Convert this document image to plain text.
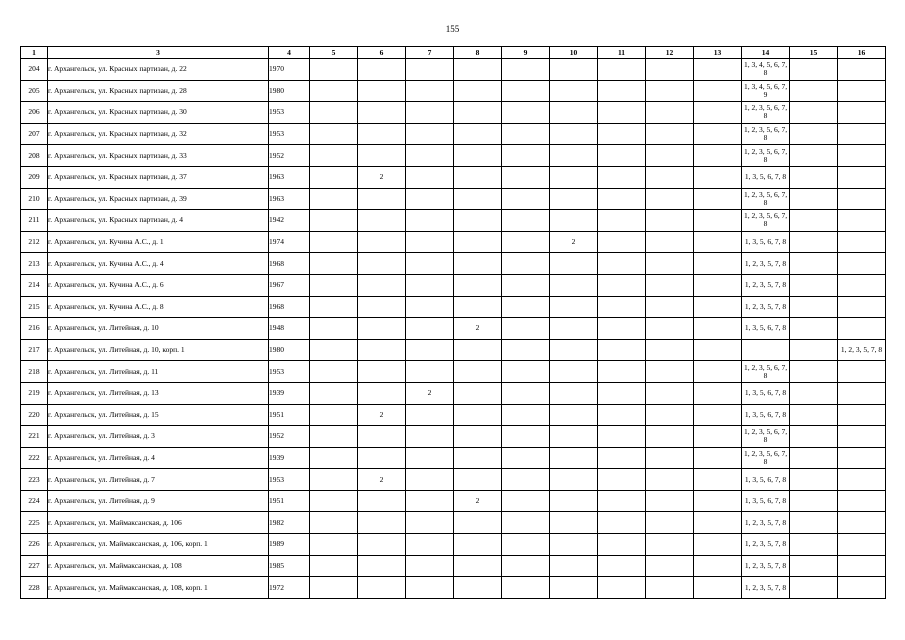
155
1	3	4	5	6	7	8	9	10	11	12	13	14	15	16
204	г. Архангельск, ул. Красных партизан, д. 22	1970										1, 3, 4, 5, 6, 7, 8		
205	г. Архангельск, ул. Красных партизан, д. 28	1980										1, 3, 4, 5, 6, 7, 9		
206	г. Архангельск, ул. Красных партизан, д. 30	1953										1, 2, 3, 5, 6, 7, 8		
207	г. Архангельск, ул. Красных партизан, д. 32	1953										1, 2, 3, 5, 6, 7, 8		
208	г. Архангельск, ул. Красных партизан, д. 33	1952										1, 2, 3, 5, 6, 7, 8		
209	г. Архангельск, ул. Красных партизан, д. 37	1963		2								1, 3, 5, 6, 7, 8		
210	г. Архангельск, ул. Красных партизан, д. 39	1963										1, 2, 3, 5, 6, 7, 8		
211	г. Архангельск, ул. Красных партизан, д. 4	1942										1, 2, 3, 5, 6, 7, 8		
212	г. Архангельск, ул. Кучина А.С., д. 1	1974						2				1, 3, 5, 6, 7, 8		
213	г. Архангельск, ул. Кучина А.С., д. 4	1968										1, 2, 3, 5, 7, 8		
214	г. Архангельск, ул. Кучина А.С., д. 6	1967										1, 2, 3, 5, 7, 8		
215	г. Архангельск, ул. Кучина А.С., д. 8	1968										1, 2, 3, 5, 7, 8		
216	г. Архангельск, ул. Литейная, д. 10	1948				2						1, 3, 5, 6, 7, 8		
217	г. Архангельск, ул. Литейная, д. 10, корп. 1	1980												1, 2, 3, 5, 7, 8
218	г. Архангельск, ул. Литейная, д. 11	1953										1, 2, 3, 5, 6, 7, 8		
219	г. Архангельск, ул. Литейная, д. 13	1939			2							1, 3, 5, 6, 7, 8		
220	г. Архангельск, ул. Литейная, д. 15	1951		2								1, 3, 5, 6, 7, 8		
221	г. Архангельск, ул. Литейная, д. 3	1952										1, 2, 3, 5, 6, 7, 8		
222	г. Архангельск, ул. Литейная, д. 4	1939										1, 2, 3, 5, 6, 7, 8		
223	г. Архангельск, ул. Литейная, д. 7	1953		2								1, 3, 5, 6, 7, 8		
224	г. Архангельск, ул. Литейная, д. 9	1951				2						1, 3, 5, 6, 7, 8		
225	г. Архангельск, ул. Маймаксанская, д. 106	1982										1, 2, 3, 5, 7, 8		
226	г. Архангельск, ул. Маймаксанская, д. 106, корп. 1	1989										1, 2, 3, 5, 7, 8		
227	г. Архангельск, ул. Маймаксанская, д. 108	1985										1, 2, 3, 5, 7, 8		
228	г. Архангельск, ул. Маймаксанская, д. 108, корп. 1	1972										1, 2, 3, 5, 7, 8		
